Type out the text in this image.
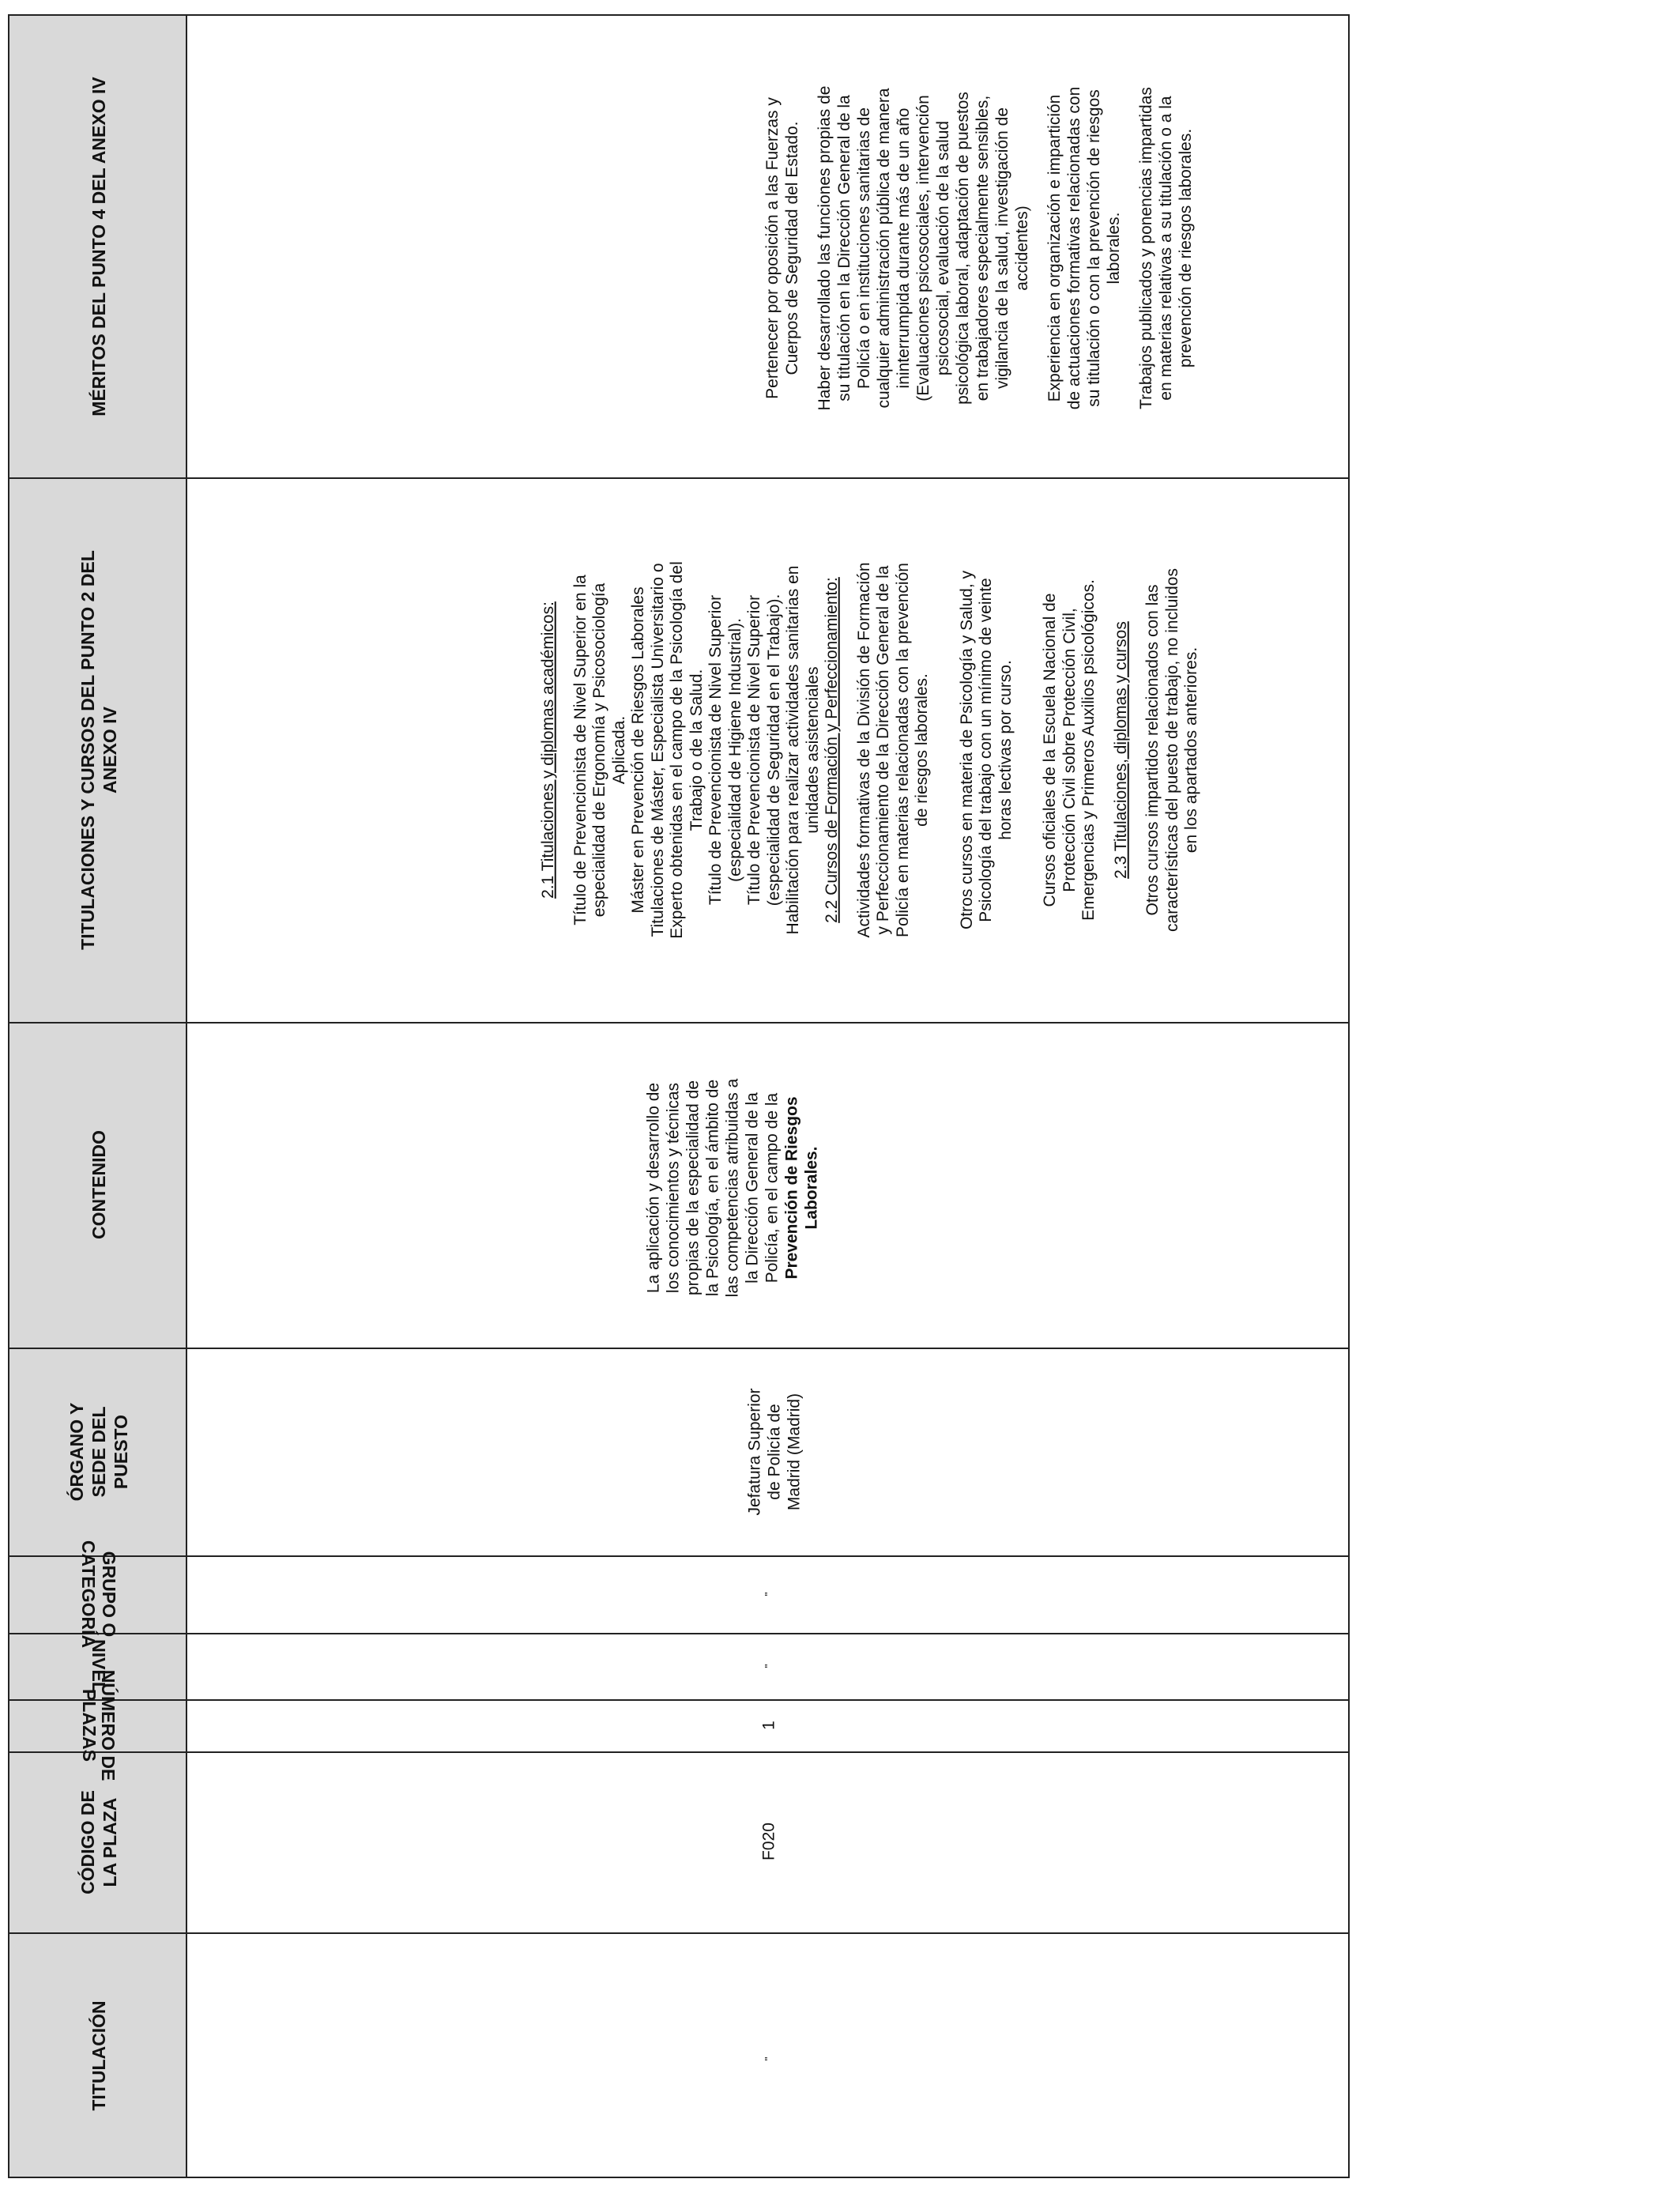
MÉRITOS DEL PUNTO 4 DEL ANEXO IV
TITULACIONES Y CURSOS DEL PUNTO 2 DEL ANEXO IV
CONTENIDO
ÓRGANO Y SEDE DEL PUESTO
GRUPO O
CATEGORÍA
NIVEL
NÚMERO DE
PLAZAS
CÓDIGO DE LA PLAZA
TITULACIÓN

Pertenecer por oposición a las Fuerzas y Cuerpos de Seguridad del Estado. Haber desarrollado las funciones propias de su titulación en la Dirección General de la Policía o en instituciones sanitarias de cualquier administración pública de manera ininterrumpida durante más de un año (Evaluaciones psicosociales, intervención psicosocial, evaluación de la salud psicológica laboral, adaptación de puestos en trabajadores especialmente sensibles, vigilancia de la salud, investigación de accidentes) Experiencia en organización e impartición de actuaciones formativas relacionadas con su titulación o con la prevención de riesgos laborales. Trabajos publicados y ponencias impartidas en materias relativas a su titulación o a la prevención de riesgos laborales.

2.1 Titulaciones y diplomas académicos: Título de Prevencionista de Nivel Superior en la especialidad de Ergonomía y Psicosociología Aplicada. Máster en Prevención de Riesgos Laborales Titulaciones de Máster, Especialista Universitario o Experto obtenidas en el campo de la Psicología del Trabajo o de la Salud. Título de Prevencionista de Nivel Superior (especialidad de Higiene Industrial). Título de Prevencionista de Nivel Superior (especialidad de Seguridad en el Trabajo). Habilitación para realizar actividades sanitarias en unidades asistenciales 2.2 Cursos de Formación y Perfeccionamiento: Actividades formativas de la División de Formación y Perfeccionamiento de la Dirección General de la Policía en materias relacionadas con la prevención de riesgos laborales. Otros cursos en materia de Psicología y Salud, y Psicología del trabajo con un mínimo de veinte horas lectivas por curso. Cursos oficiales de la Escuela Nacional de Protección Civil sobre Protección Civil, Emergencias y Primeros Auxilios psicológicos. 2.3 Titulaciones, diplomas y cursos Otros cursos impartidos relacionados con las características del puesto de trabajo, no incluidos en los apartados anteriores.

La aplicación y desarrollo de los conocimientos y técnicas propias de la especialidad de la Psicología, en el ámbito de las competencias atribuidas a la Dirección General de la Policía, en el campo de la Prevención de Riesgos Laborales.

Jefatura Superior de Policía de Madrid (Madrid)

"
"
1
F020
"
